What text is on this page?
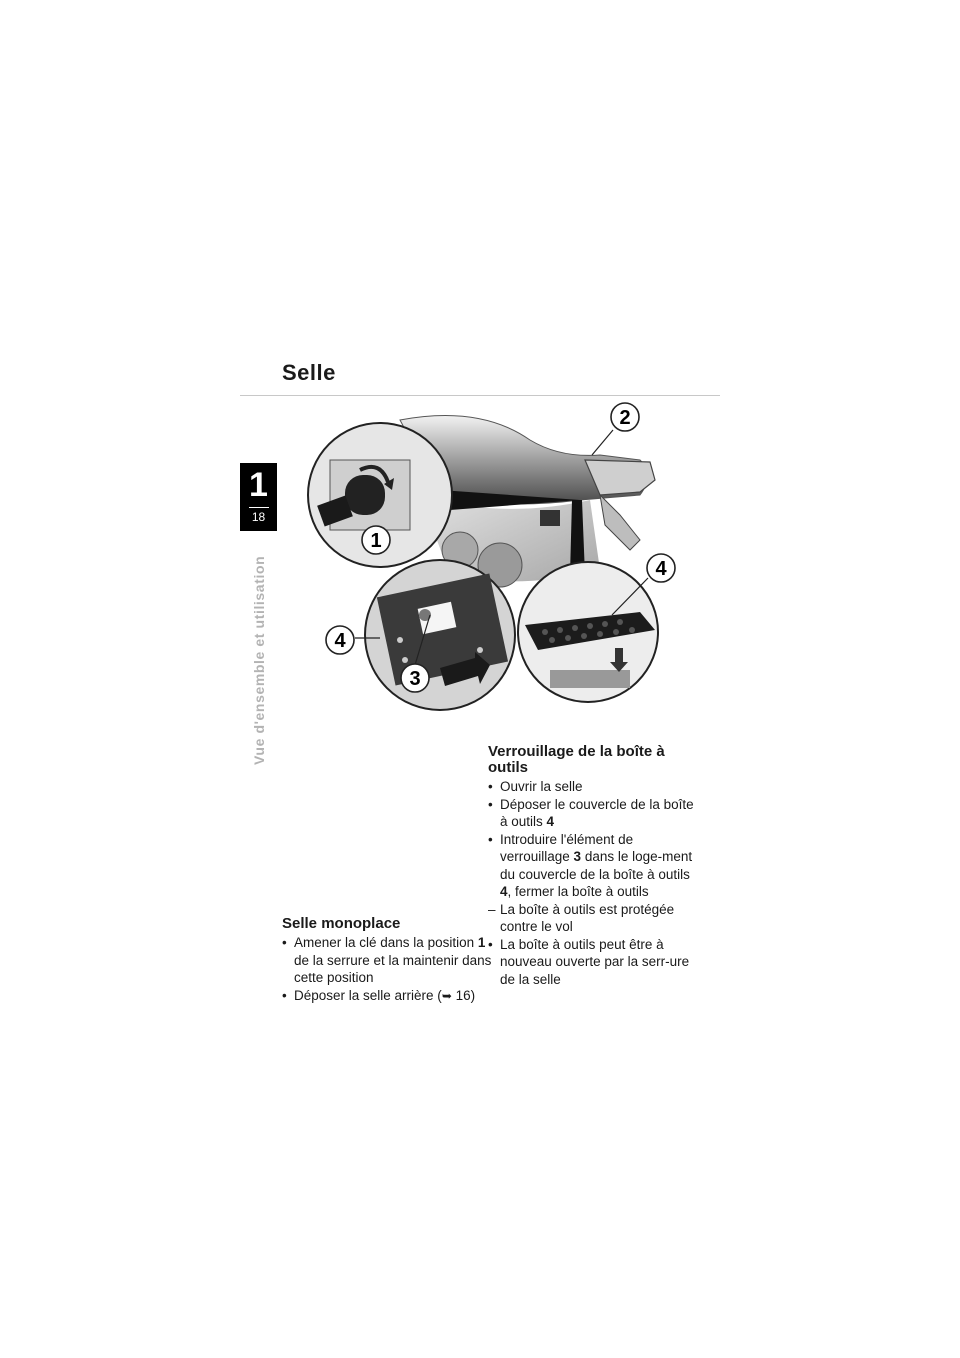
Selle
1
18
Vue d'ensemble et utilisation
2
1
4
4
3
Selle monoplace
• Amener la clé dans la position 1 de la serrure et la maintenir dans cette position
• Déposer la selle arrière (➥ 16)
Verrouillage de la boîte à outils
• Ouvrir la selle
• Déposer le couvercle de la boîte à outils 4
• Introduire l'élément de verrouillage 3 dans le loge-ment du couvercle de la boîte à outils 4, fermer la boîte à outils
– La boîte à outils est protégée contre le vol
• La boîte à outils peut être à nouveau ouverte par la serr-ure de la selle
